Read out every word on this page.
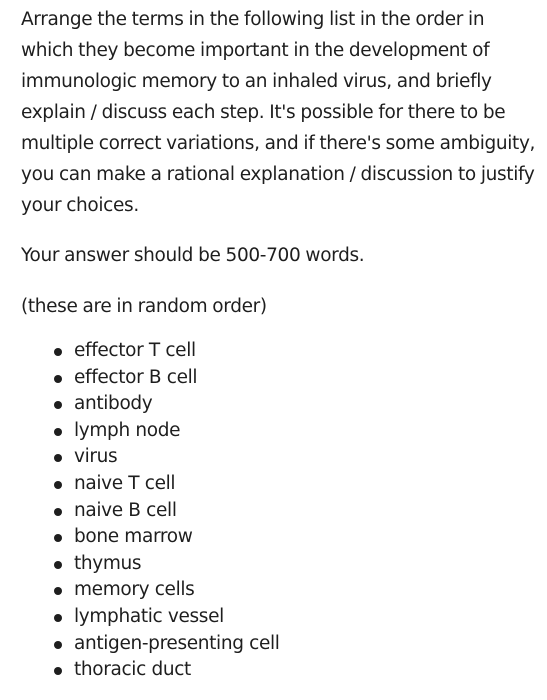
Arrange the terms in the following list in the order in which they become important in the development of immunologic memory to an inhaled virus, and briefly explain / discuss each step. It's possible for there to be multiple correct variations, and if there's some ambiguity, you can make a rational explanation / discussion to justify your choices.

Your answer should be 500-700 words.

(these are in random order)

effector T cell
effector B cell
antibody
lymph node
virus
naive T cell
naive B cell
bone marrow
thymus
memory cells
lymphatic vessel
antigen-presenting cell
thoracic duct
